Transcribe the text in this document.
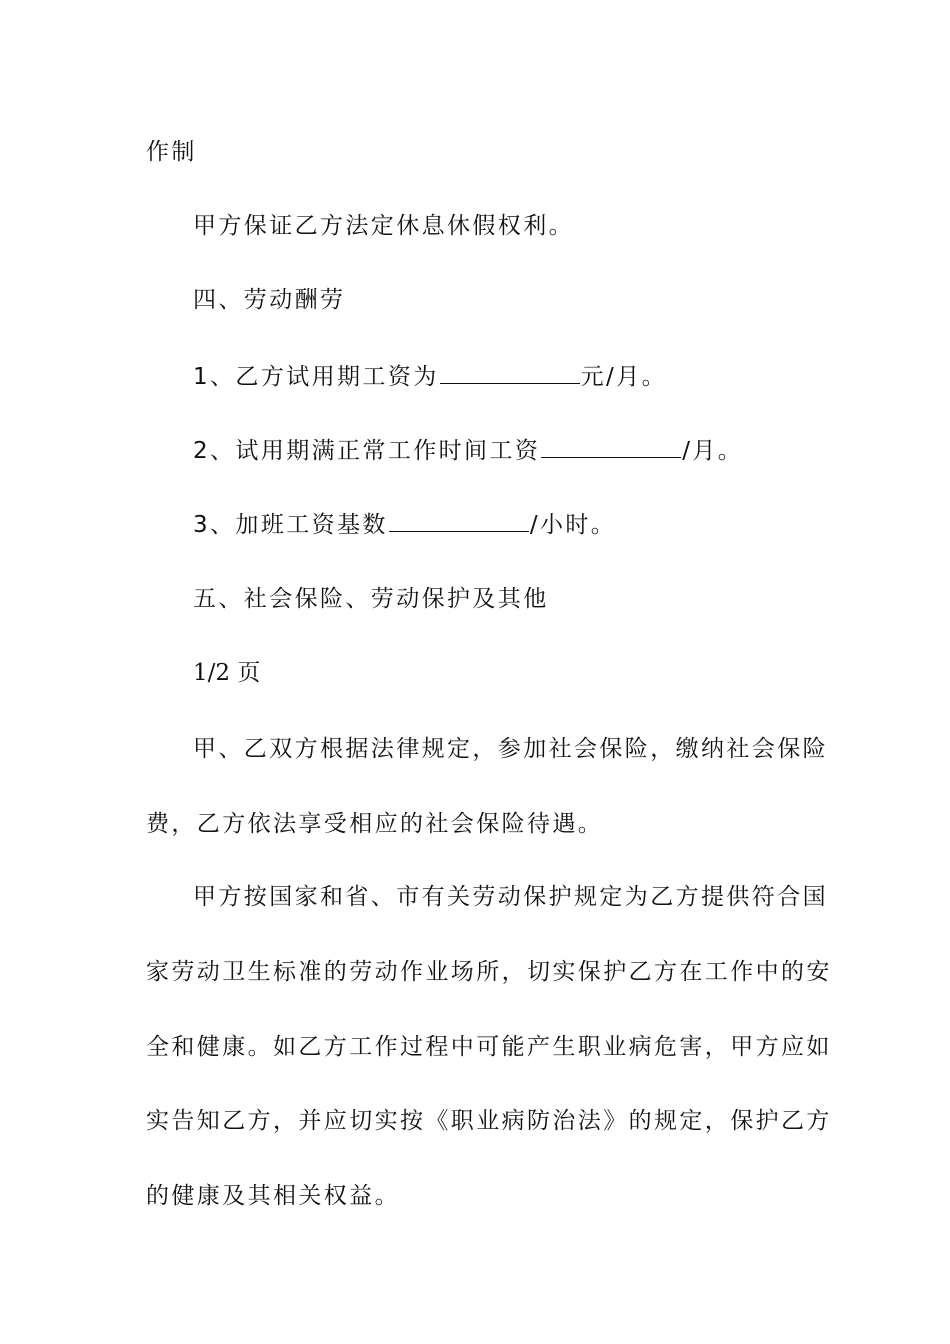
作制
甲方保证乙方法定休息休假权利。
四、劳动酬劳
1、乙方试用期工资为	元/月。
2、试用期满正常工作时间工资	/月。
3、加班工资基数	/小时。
五、社会保险、劳动保护及其他
1/2 页
甲、乙双方根据法律规定，参加社会保险，缴纳社会保险
费，乙方依法享受相应的社会保险待遇。
甲方按国家和省、市有关劳动保护规定为乙方提供符合国
家劳动卫生标准的劳动作业场所，切实保护乙方在工作中的安
全和健康。如乙方工作过程中可能产生职业病危害，甲方应如
实告知乙方，并应切实按《职业病防治法》的规定，保护乙方
的健康及其相关权益。
